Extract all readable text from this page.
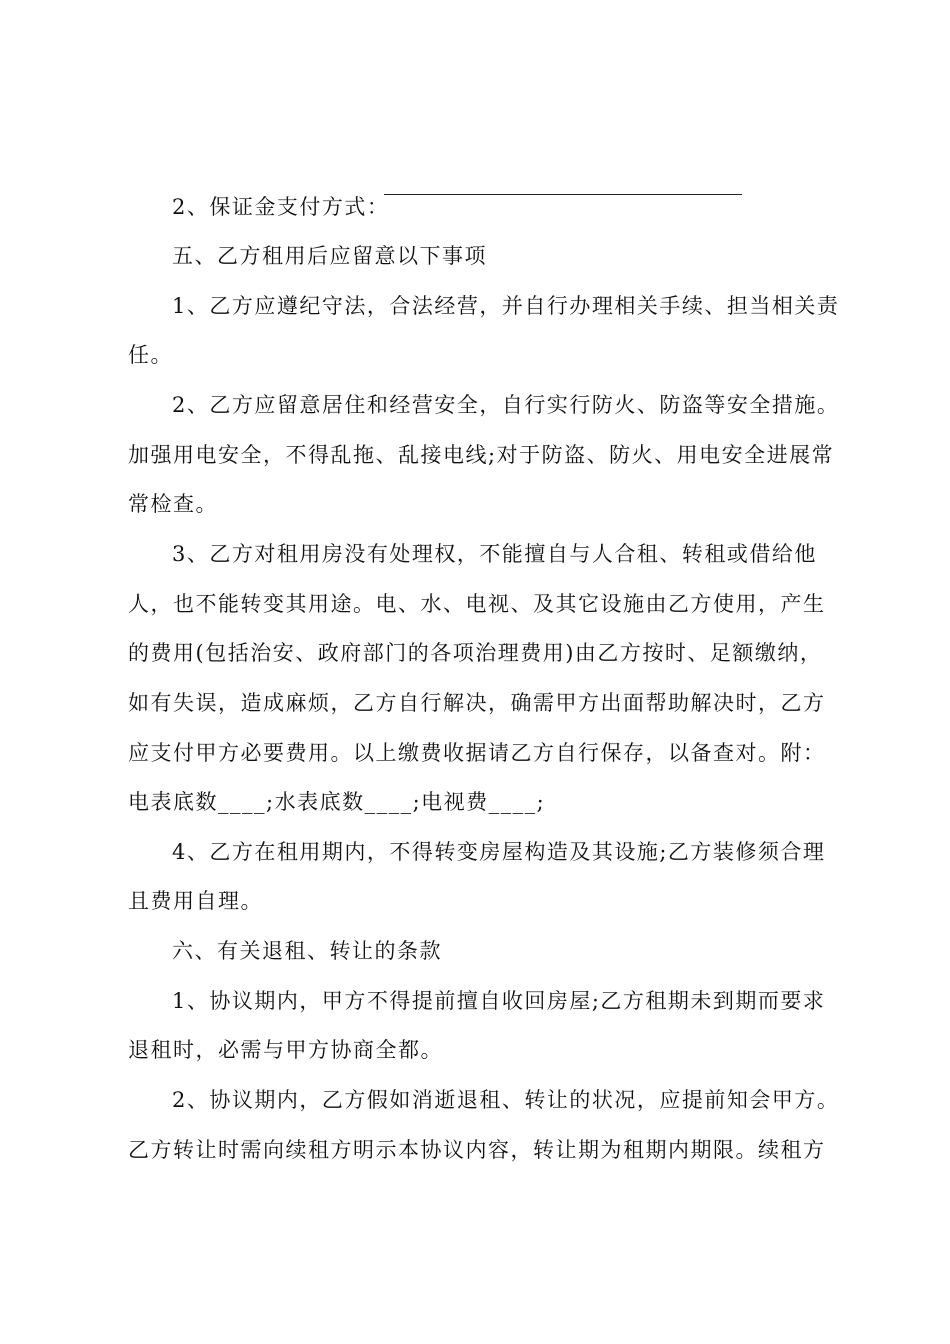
2、保证金支付方式：
五、乙方租用后应留意以下事项
1、乙方应遵纪守法，合法经营，并自行办理相关手续、担当相关责
任。
2、乙方应留意居住和经营安全，自行实行防火、防盗等安全措施。
加强用电安全，不得乱拖、乱接电线;对于防盗、防火、用电安全进展常
常检查。
3、乙方对租用房没有处理权，不能擅自与人合租、转租或借给他
人，也不能转变其用途。电、水、电视、及其它设施由乙方使用，产生
的费用(包括治安、政府部门的各项治理费用)由乙方按时、足额缴纳，
如有失误，造成麻烦，乙方自行解决，确需甲方出面帮助解决时，乙方
应支付甲方必要费用。以上缴费收据请乙方自行保存，以备查对。附：
电表底数____;水表底数____;电视费____;
4、乙方在租用期内，不得转变房屋构造及其设施;乙方装修须合理
且费用自理。
六、有关退租、转让的条款
1、协议期内，甲方不得提前擅自收回房屋;乙方租期未到期而要求
退租时，必需与甲方协商全都。
2、协议期内，乙方假如消逝退租、转让的状况，应提前知会甲方。
乙方转让时需向续租方明示本协议内容，转让期为租期内期限。续租方
